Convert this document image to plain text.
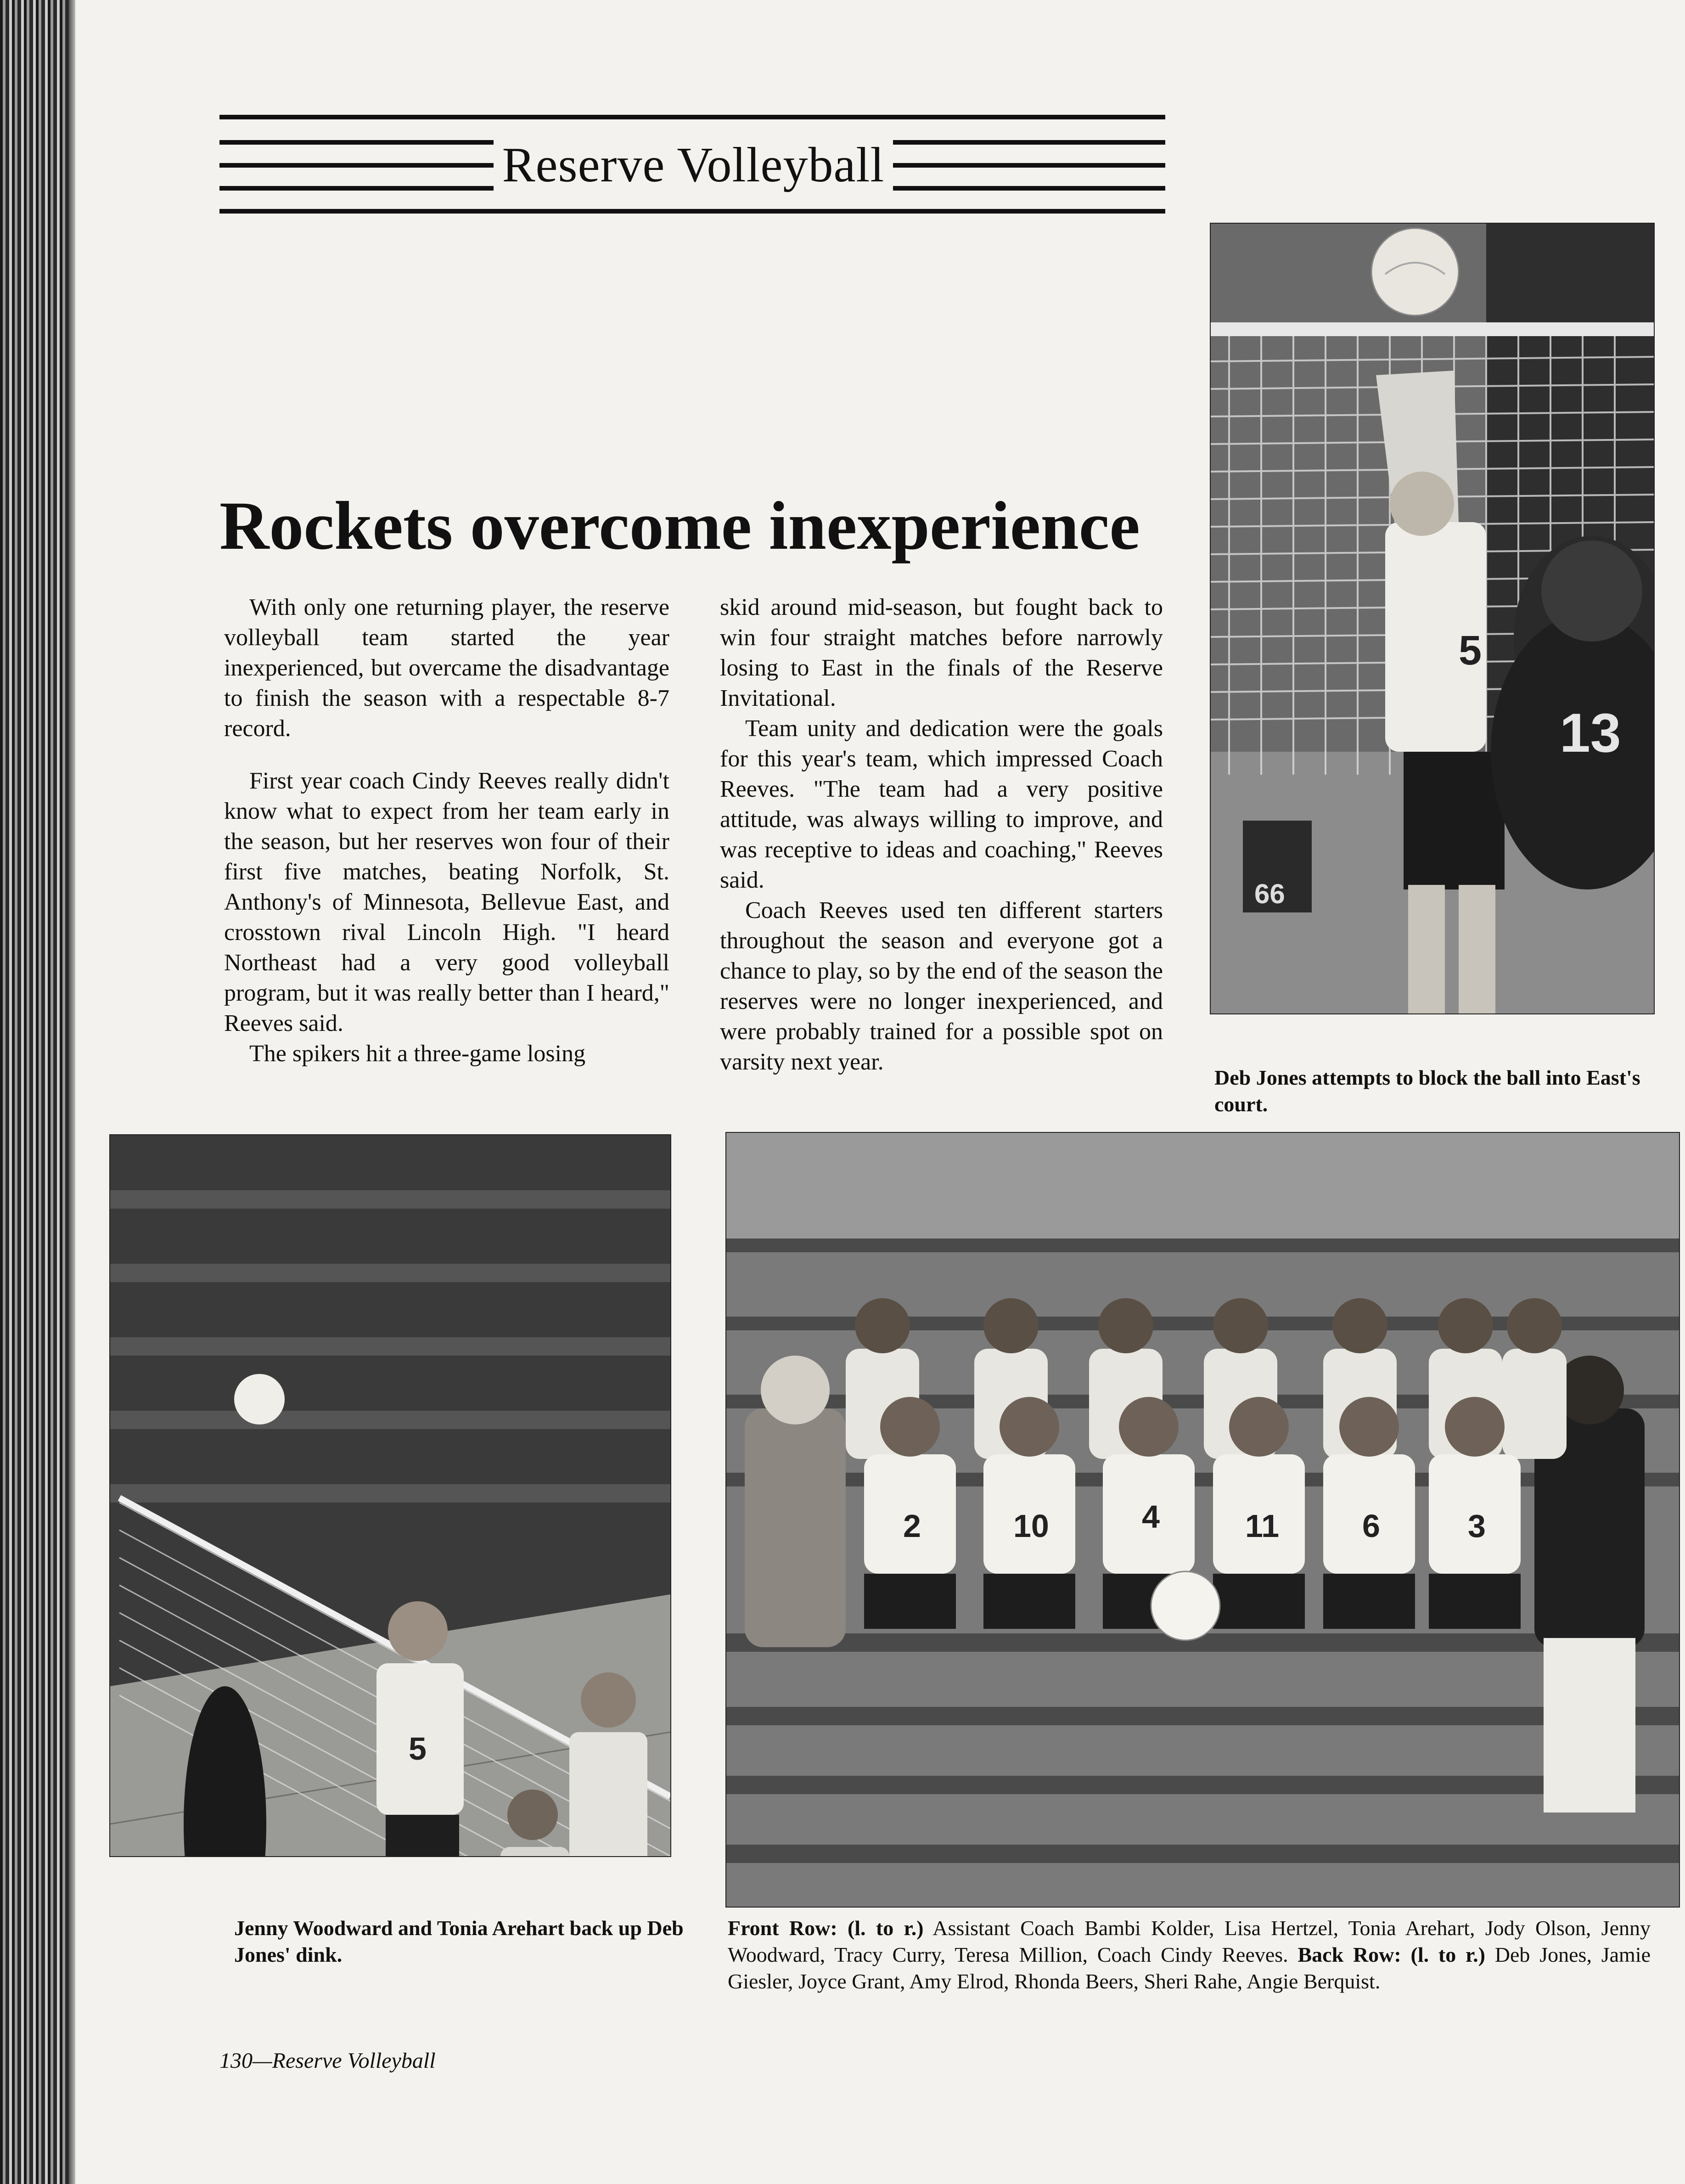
Reserve Volleyball
5
13
66
Rockets overcome inexperience

With only one returning player, the reserve volleyball team started the year inexperienced, but overcame the disadvantage to finish the season with a respectable 8-7 record.

First year coach Cindy Reeves really didn't know what to expect from her team early in the season, but her reserves won four of their first five matches, beating Norfolk, St. Anthony's of Minnesota, Bellevue East, and crosstown rival Lincoln High. "I heard Northeast had a very good volleyball program, but it was really better than I heard," Reeves said.

The spikers hit a three-game losing

skid around mid-season, but fought back to win four straight matches before narrowly losing to East in the finals of the Reserve Invitational.

Team unity and dedication were the goals for this year's team, which impressed Coach Reeves. "The team had a very positive attitude, was always willing to improve, and was receptive to ideas and coaching," Reeves said.

Coach Reeves used ten different starters throughout the season and everyone got a chance to play, so by the end of the season the reserves were no longer inexperienced, and were probably trained for a possible spot on varsity next year.

Deb Jones attempts to block the ball into East's court.
5
2	10	4	11	6	3
Jenny Woodward and Tonia Arehart back up Deb Jones' dink.
Front Row: (l. to r.) Assistant Coach Bambi Kolder, Lisa Hertzel, Tonia Arehart, Jody Olson, Jenny Woodward, Tracy Curry, Teresa Million, Coach Cindy Reeves. Back Row: (l. to r.) Deb Jones, Jamie Giesler, Joyce Grant, Amy Elrod, Rhonda Beers, Sheri Rahe, Angie Berquist.
130—Reserve Volleyball
